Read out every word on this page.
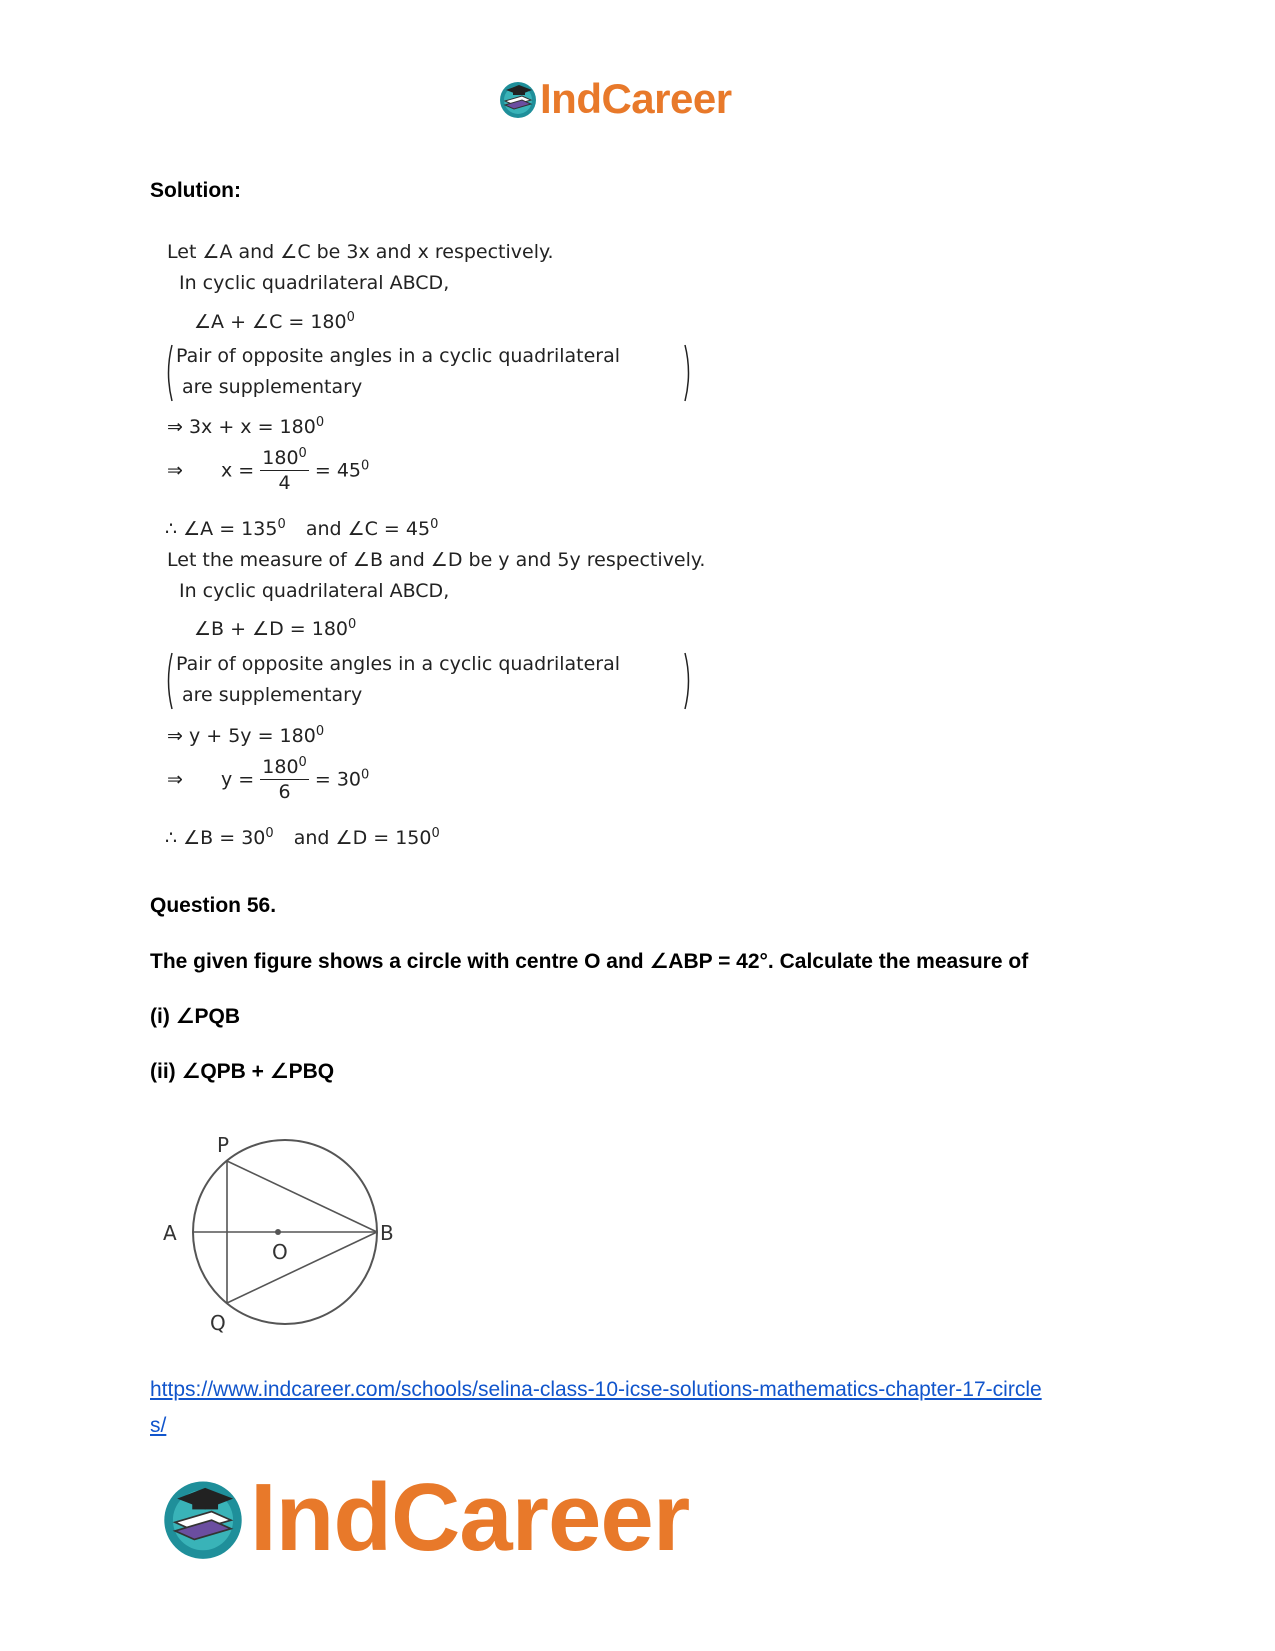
IndCareer
Solution:
Let ∠A and ∠C be 3x and x respectively.
In cyclic quadrilateral ABCD,
∠A + ∠C = $180^0$
Pair of opposite angles in a cyclic quadrilateral
are supplementary
⇒ $3x + x = 180^0$
⇒ $x = \frac{180^0}{4} = 45^0$
∴ ∠A = $135^0$ and ∠C = $45^0$
Let the measure of ∠B and ∠D be y and 5y respectively.
In cyclic quadrilateral ABCD,
∠B + ∠D = $180^0$
Pair of opposite angles in a cyclic quadrilateral
are supplementary
⇒ $y + 5y = 180^0$
⇒ $y = \frac{180^0}{6} = 30^0$
∴ ∠B = $30^0$ and ∠D = $150^0$
Question 56.
The given figure shows a circle with centre O and ∠ABP = 42°. Calculate the measure of
(i) ∠PQB
(ii) ∠QPB + ∠PBQ
P
A
O
B
Q
https://www.indcareer.com/schools/selina-class-10-icse-solutions-mathematics-chapter-17-circle
s/
IndCareer
